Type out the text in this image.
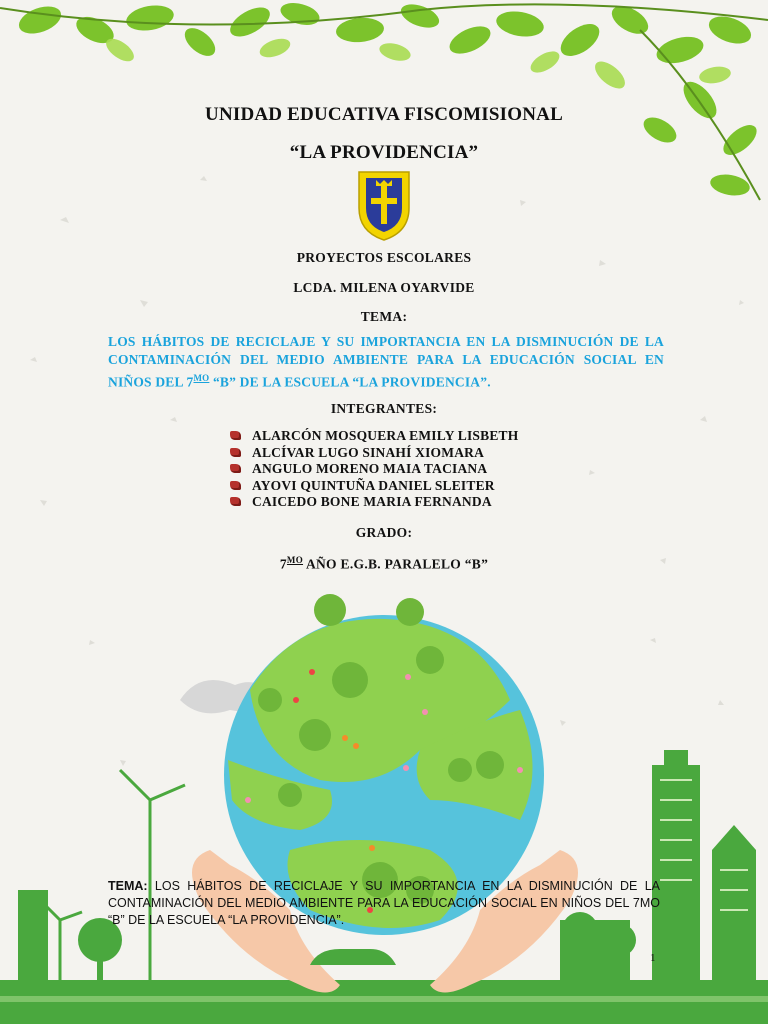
UNIDAD EDUCATIVA FISCOMISIONAL
“LA PROVIDENCIA”
PROYECTOS ESCOLARES
LCDA. MILENA OYARVIDE
TEMA:
LOS HÁBITOS DE RECICLAJE Y SU IMPORTANCIA EN LA DISMINUCIÓN DE LA CONTAMINACIÓN DEL MEDIO AMBIENTE PARA LA EDUCACIÓN SOCIAL EN NIÑOS DEL $7^{MO}$ “B” DE LA ESCUELA “LA PROVIDENCIA”.
INTEGRANTES:
ALARCÓN MOSQUERA EMILY LISBETH
ALCÍVAR LUGO SINAHÍ XIOMARA
ANGULO MORENO MAIA TACIANA
AYOVI QUINTUÑA DANIEL SLEITER
CAICEDO BONE MARIA FERNANDA
GRADO:
$7^{MO}$ AÑO E.G.B. PARALELO “B”
TEMA: LOS HÁBITOS DE RECICLAJE Y SU IMPORTANCIA EN LA DISMINUCIÓN DE LA CONTAMINACIÓN DEL MEDIO AMBIENTE PARA LA EDUCACIÓN SOCIAL EN NIÑOS DEL 7MO “B” DE LA ESCUELA “LA PROVIDENCIA”.
1
